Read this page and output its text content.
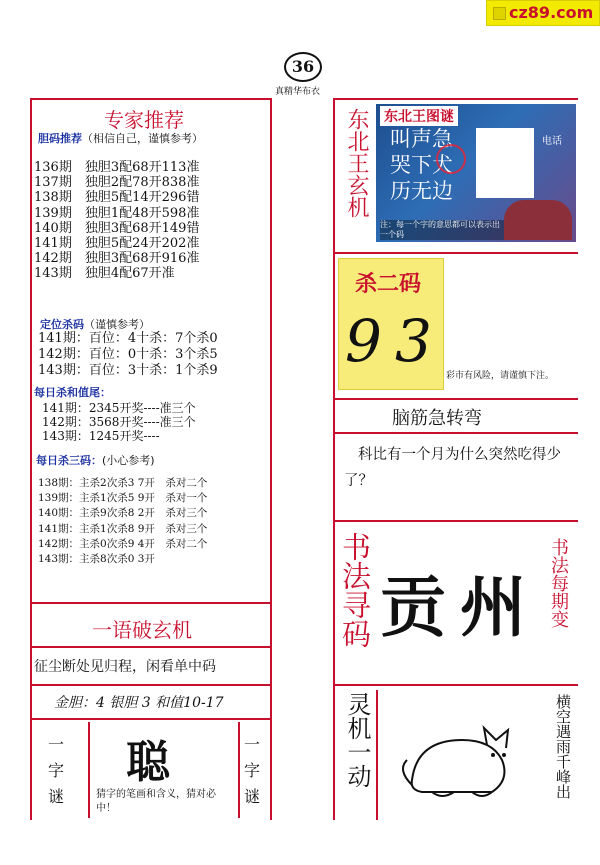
cz89.com
36
真精华布衣
专家推荐
胆码推荐（相信自己，谨慎参考）
136期　独胆3配68开113准
137期　独胆2配78开838准
138期　独胆5配14开296错
139期　独胆1配48开598准
140期　独胆3配68开149错
141期　独胆5配24开202准
142期　独胆3配68开916准
143期　独胆4配67开准
定位杀码（谨慎参考）
141期：百位：4十杀：7个杀0
142期：百位：0十杀：3个杀5
143期：百位：3十杀：1个杀9
每日杀和值尾：
141期：2345开奖----准三个
142期：3568开奖----准三个
143期：1245开奖----
每日杀三码：(小心参考)
138期：主杀2次杀3 7开　杀对二个
139期：主杀1次杀5 9开　杀对一个
140期：主杀9次杀8 2开　杀对三个
141期：主杀1次杀8 9开　杀对三个
142期：主杀0次杀9 4开　杀对二个
143期：主杀8次杀0 3开
一语破玄机
征尘断处见归程，闲看单中码
金胆：4 银胆 3 和值10-17
一
字
谜
聪
猜字的笔画和含义，猜对必中！
一
字
谜
东北王玄机 东北王图谜
叫声急
哭下犬
历无边
电话
注：每一个字的意思都可以表示出一个码
杀二码
9 3
彩市有风险，请谨慎下注。
脑筋急转弯
科比有一个月为什么突然吃得少了？
书法寻码 贡州 书法每期变
灵机一动	横空遇雨千峰出
